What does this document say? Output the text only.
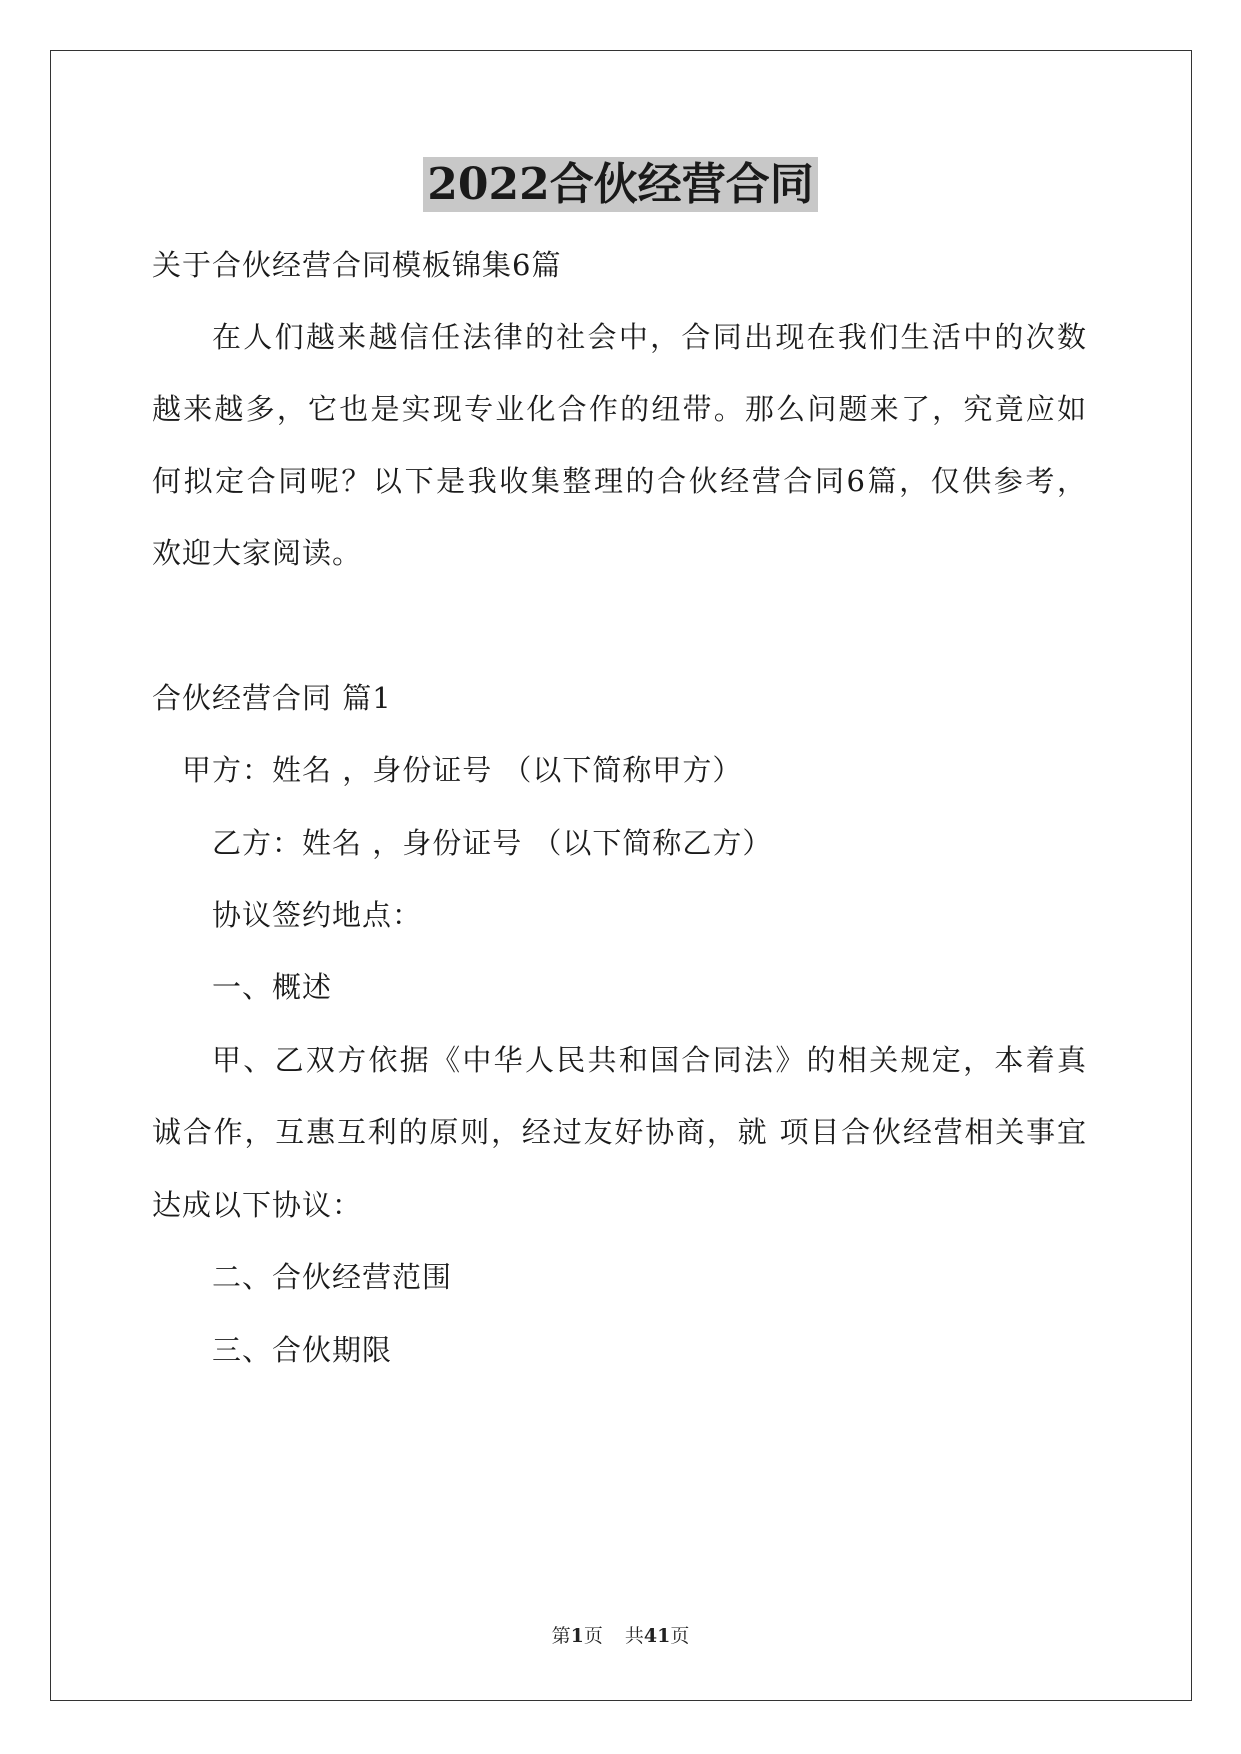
2022合伙经营合同
关于合伙经营合同模板锦集6篇
在人们越来越信任法律的社会中，合同出现在我们生活中的次数
越来越多，它也是实现专业化合作的纽带。那么问题来了，究竟应如
何拟定合同呢？以下是我收集整理的合伙经营合同6篇，仅供参考，
欢迎大家阅读。
合伙经营合同 篇1
甲方：姓名 ，身份证号 （以下简称甲方）
乙方：姓名 ，身份证号 （以下简称乙方）
协议签约地点：
一、概述
甲、乙双方依据《中华人民共和国合同法》的相关规定，本着真
诚合作，互惠互利的原则，经过友好协商，就 项目合伙经营相关事宜
达成以下协议：
二、合伙经营范围
三、合伙期限
第1页 共41页
